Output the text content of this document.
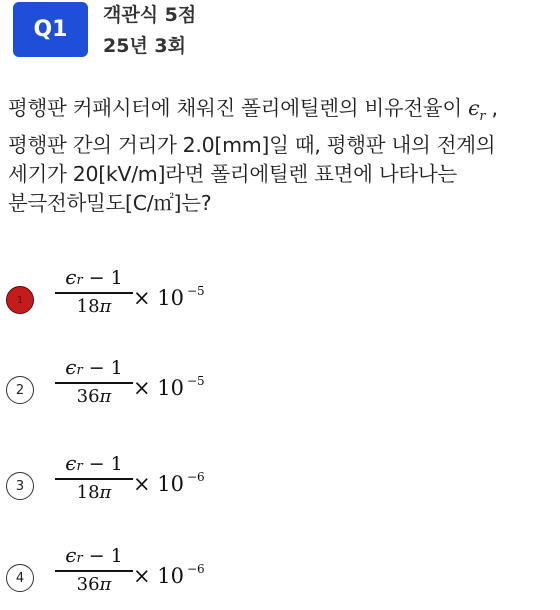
Q1
객관식 5점
25년 3회
평행판 커패시터에 채워진 폴리에틸렌의 비유전율이 $\epsilon_r$ ,
평행판 간의 거리가 2.0[mm]일 때, 평행판 내의 전계의
세기가 20[kV/m]라면 폴리에틸렌 표면에 나타나는
분극전하밀도[C/㎡]는?
1
ϵr − 1
18π	× 10 $^{-5}$
2
ϵr − 1
36π	× 10 $^{-5}$
3
ϵr − 1
18π	× 10 $^{-6}$
4
ϵr − 1
36π	× 10 $^{-6}$
